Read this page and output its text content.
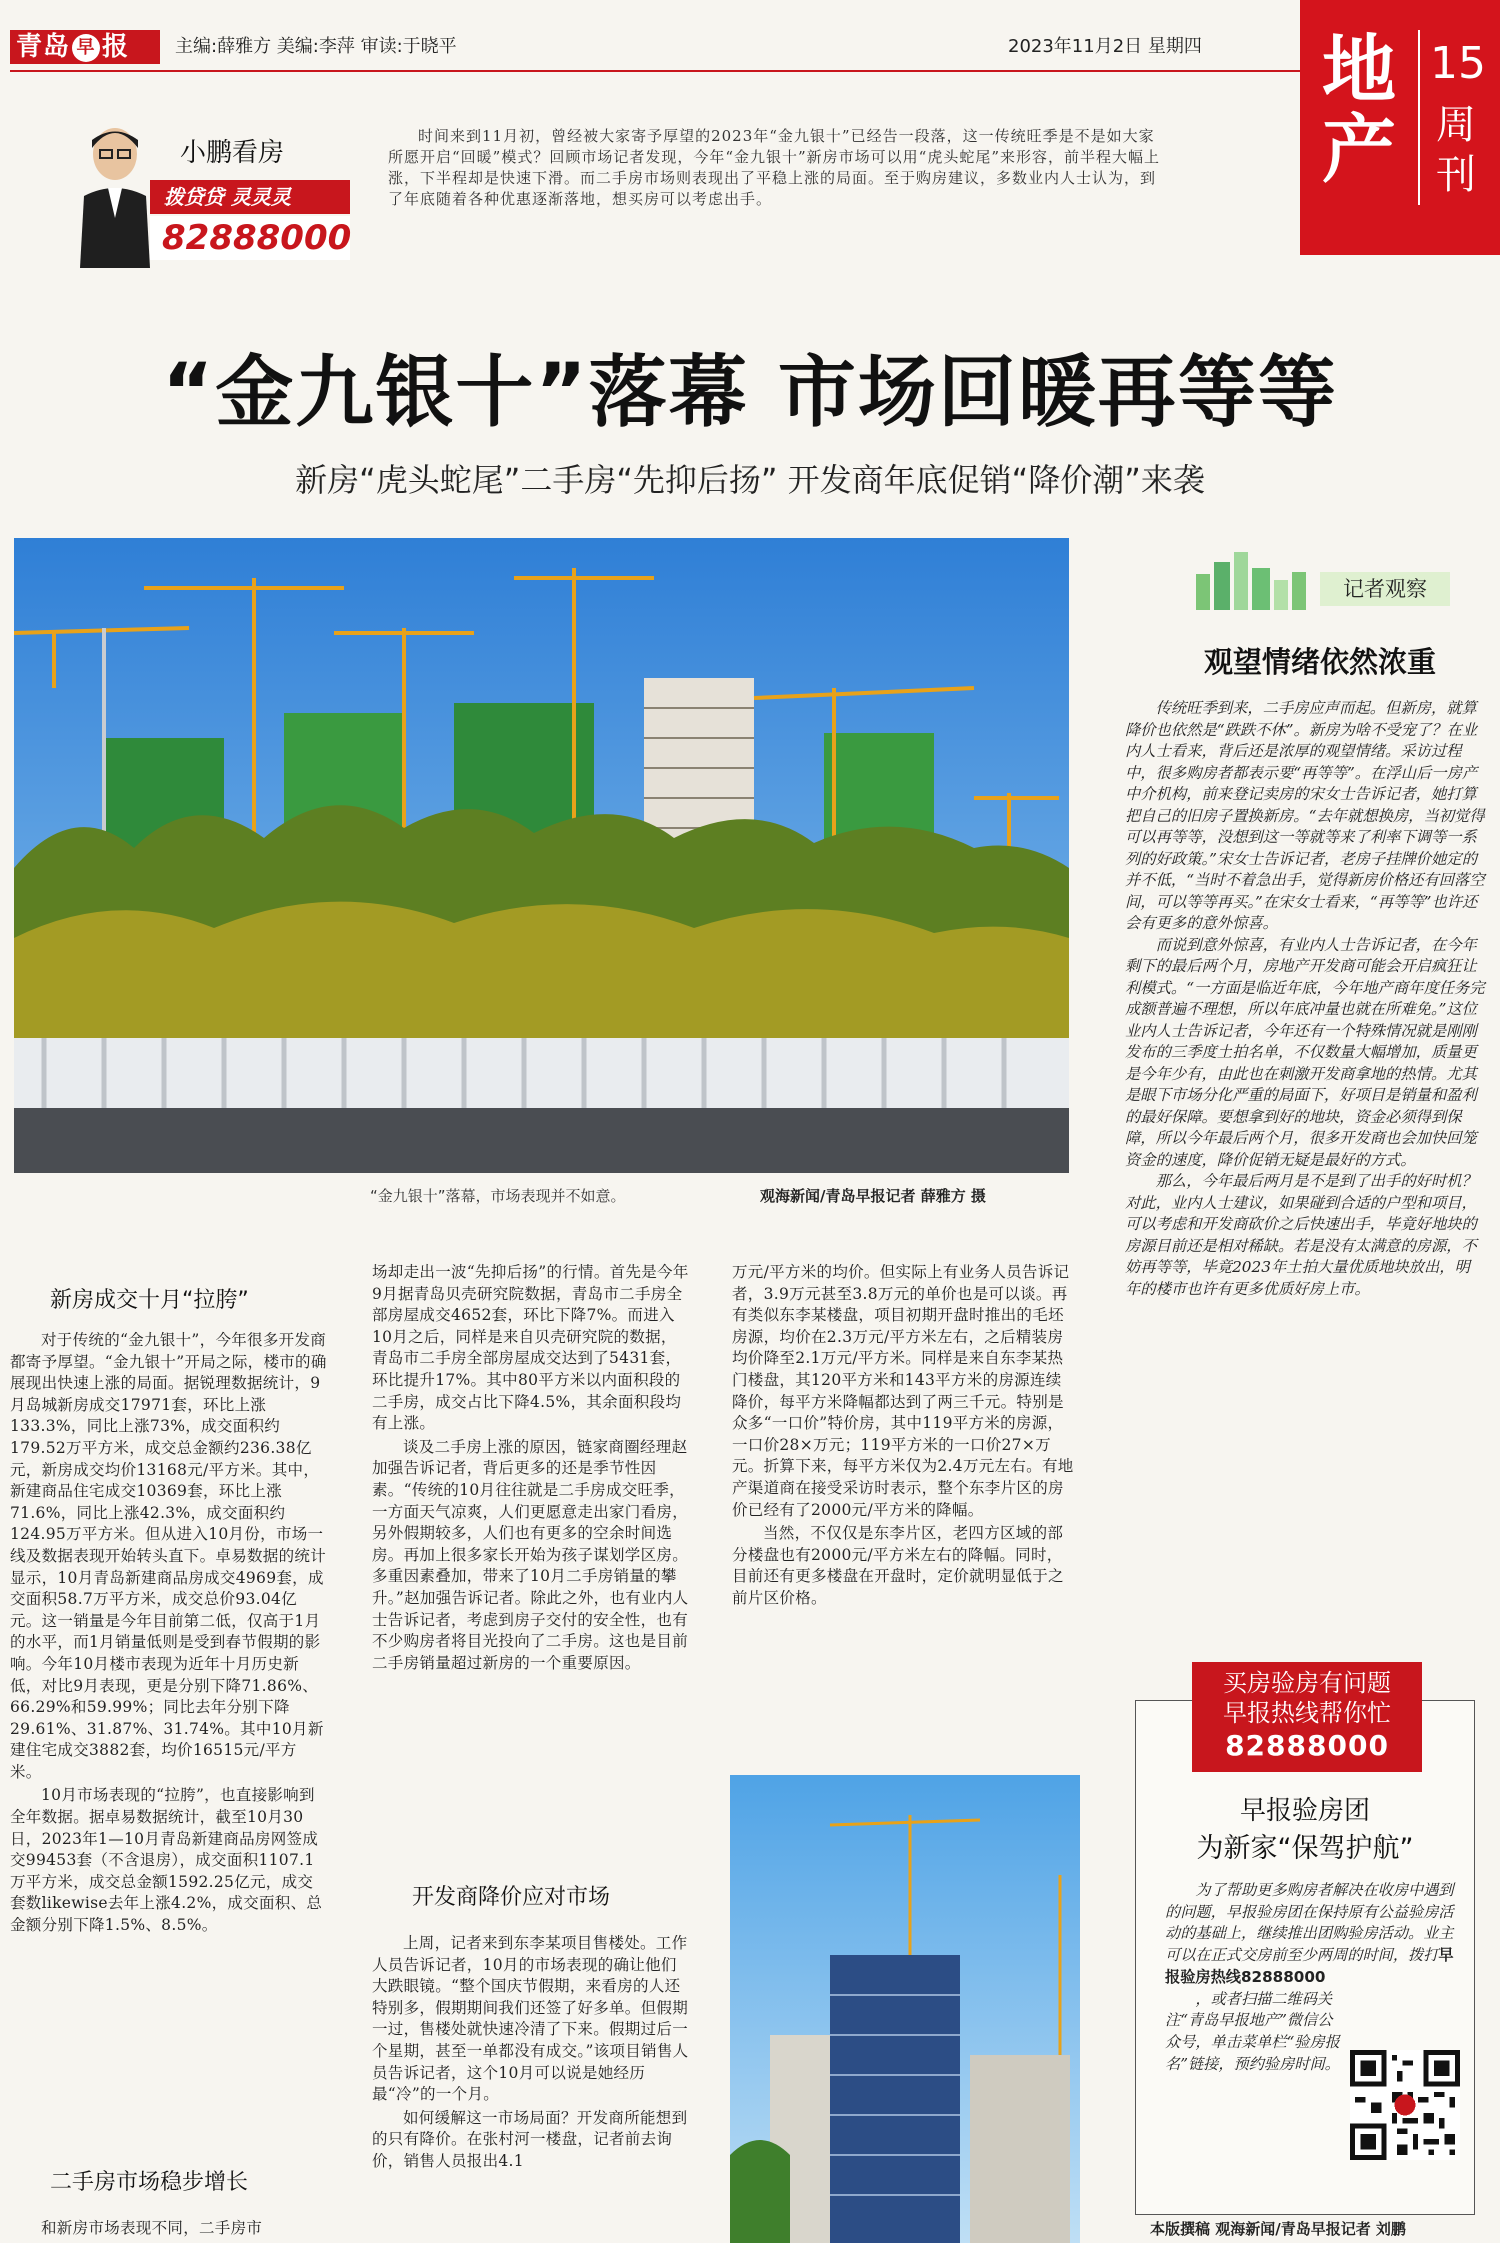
青岛 早 报	主编:薛雅方 美编:李萍 审读:于晓平	2023年11月2日 星期四 地产
15
周刊
小鹏看房
拨贷贷 灵灵灵
82888000
时间来到11月初，曾经被大家寄予厚望的2023年“金九银十”已经告一段落，这一传统旺季是不是如大家所愿开启“回暖”模式？回顾市场记者发现，今年“金九银十”新房市场可以用“虎头蛇尾”来形容，前半程大幅上涨，下半程却是快速下滑。而二手房市场则表现出了平稳上涨的局面。至于购房建议，多数业内人士认为，到了年底随着各种优惠逐渐落地，想买房可以考虑出手。
“金九银十”落幕 市场回暖再等等
新房“虎头蛇尾”二手房“先抑后扬” 开发商年底促销“降价潮”来袭
“金九银十”落幕，市场表现并不如意。	观海新闻/青岛早报记者 薛雅方 摄
新房成交十月“拉胯”

对于传统的“金九银十”，今年很多开发商都寄予厚望。“金九银十”开局之际，楼市的确展现出快速上涨的局面。据锐理数据统计，9月岛城新房成交17971套，环比上涨133.3%，同比上涨73%，成交面积约179.52万平方米，成交总金额约236.38亿元，新房成交均价13168元/平方米。其中，新建商品住宅成交10369套，环比上涨71.6%，同比上涨42.3%，成交面积约124.95万平方米。但从进入10月份，市场一线及数据表现开始转头直下。卓易数据的统计显示，10月青岛新建商品房成交4969套，成交面积58.7万平方米，成交总价93.04亿元。这一销量是今年目前第二低，仅高于1月的水平，而1月销量低则是受到春节假期的影响。今年10月楼市表现为近年十月历史新低，对比9月表现，更是分别下降71.86%、66.29%和59.99%；同比去年分别下降29.61%、31.87%、31.74%。其中10月新建住宅成交3882套，均价16515元/平方米。

10月市场表现的“拉胯”，也直接影响到全年数据。据卓易数据统计，截至10月30日，2023年1—10月青岛新建商品房网签成交99453套（不含退房），成交面积1107.1万平方米，成交总金额1592.25亿元，成交套数likewise去年上涨4.2%，成交面积、总金额分别下降1.5%、8.5%。

二手房市场稳步增长

和新房市场表现不同，二手房市

场却走出一波“先抑后扬”的行情。首先是今年9月据青岛贝壳研究院数据，青岛市二手房全部房屋成交4652套，环比下降7%。而进入10月之后，同样是来自贝壳研究院的数据，青岛市二手房全部房屋成交达到了5431套，环比提升17%。其中80平方米以内面积段的二手房，成交占比下降4.5%，其余面积段均有上涨。

谈及二手房上涨的原因，链家商圈经理赵加强告诉记者，背后更多的还是季节性因素。“传统的10月往往就是二手房成交旺季，一方面天气凉爽，人们更愿意走出家门看房，另外假期较多，人们也有更多的空余时间选房。再加上很多家长开始为孩子谋划学区房。多重因素叠加，带来了10月二手房销量的攀升。”赵加强告诉记者。除此之外，也有业内人士告诉记者，考虑到房子交付的安全性，也有不少购房者将目光投向了二手房。这也是目前二手房销量超过新房的一个重要原因。

开发商降价应对市场

上周，记者来到东李某项目售楼处。工作人员告诉记者，10月的市场表现的确让他们大跌眼镜。“整个国庆节假期，来看房的人还特别多，假期期间我们还签了好多单。但假期一过，售楼处就快速冷清了下来。假期过后一个星期，甚至一单都没有成交。”该项目销售人员告诉记者，这个10月可以说是她经历最“冷”的一个月。

如何缓解这一市场局面？开发商所能想到的只有降价。在张村河一楼盘，记者前去询价，销售人员报出4.1

万元/平方米的均价。但实际上有业务人员告诉记者，3.9万元甚至3.8万元的单价也是可以谈。再有类似东李某楼盘，项目初期开盘时推出的毛坯房源，均价在2.3万元/平方米左右，之后精装房均价降至2.1万元/平方米。同样是来自东李某热门楼盘，其120平方米和143平方米的房源连续降价，每平方米降幅都达到了两三千元。特别是众多“一口价”特价房，其中119平方米的房源，一口价28×万元；119平方米的一口价27×万元。折算下来，每平方米仅为2.4万元左右。有地产渠道商在接受采访时表示，整个东李片区的房价已经有了2000元/平方米的降幅。

当然，不仅仅是东李片区，老四方区域的部分楼盘也有2000元/平方米左右的降幅。同时，目前还有更多楼盘在开盘时，定价就明显低于之前片区价格。

记者观察
观望情绪依然浓重

传统旺季到来，二手房应声而起。但新房，就算降价也依然是“跌跌不休”。新房为啥不受宠了？在业内人士看来，背后还是浓厚的观望情绪。采访过程中，很多购房者都表示要“再等等”。在浮山后一房产中介机构，前来登记卖房的宋女士告诉记者，她打算把自己的旧房子置换新房。“去年就想换房，当初觉得可以再等等，没想到这一等就等来了利率下调等一系列的好政策。”宋女士告诉记者，老房子挂牌价她定的并不低，“当时不着急出手，觉得新房价格还有回落空间，可以等等再买。”在宋女士看来，“再等等”也许还会有更多的意外惊喜。

而说到意外惊喜，有业内人士告诉记者，在今年剩下的最后两个月，房地产开发商可能会开启疯狂让利模式。“一方面是临近年底，今年地产商年度任务完成额普遍不理想，所以年底冲量也就在所难免。”这位业内人士告诉记者，今年还有一个特殊情况就是刚刚发布的三季度土拍名单，不仅数量大幅增加，质量更是今年少有，由此也在刺激开发商拿地的热情。尤其是眼下市场分化严重的局面下，好项目是销量和盈利的最好保障。要想拿到好的地块，资金必须得到保障，所以今年最后两个月，很多开发商也会加快回笼资金的速度，降价促销无疑是最好的方式。

那么，今年最后两月是不是到了出手的好时机？对此，业内人士建议，如果碰到合适的户型和项目，可以考虑和开发商砍价之后快速出手，毕竟好地块的房源目前还是相对稀缺。若是没有太满意的房源，不妨再等等，毕竟2023年土拍大量优质地块放出，明年的楼市也许有更多优质好房上市。

买房验房有问题
早报热线帮你忙
82888000
早报验房团
为新家“保驾护航”
为了帮助更多购房者解决在收房中遇到的问题，早报验房团在保持原有公益验房活动的基础上，继续推出团购验房活动。业主可以在正式交房前至少两周的时间，拨打早报验房热线82888000
，或者扫描二维码关注“青岛早报地产”微信公众号，单击菜单栏“验房报名”链接，预约验房时间。
本版撰稿 观海新闻/青岛早报记者 刘鹏
